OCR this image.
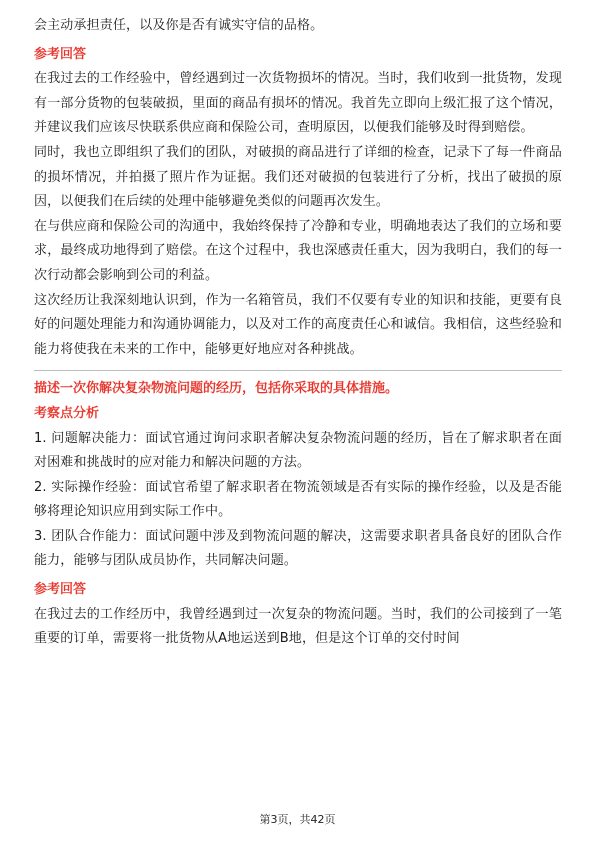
会主动承担责任，以及你是否有诚实守信的品格。

参考回答

在我过去的工作经验中，曾经遇到过一次货物损坏的情况。当时，我们收到一批货物，发现有一部分货物的包装破损，里面的商品有损坏的情况。我首先立即向上级汇报了这个情况，并建议我们应该尽快联系供应商和保险公司，查明原因，以便我们能够及时得到赔偿。

同时，我也立即组织了我们的团队，对破损的商品进行了详细的检查，记录下了每一件商品的损坏情况，并拍摄了照片作为证据。我们还对破损的包装进行了分析，找出了破损的原因，以便我们在后续的处理中能够避免类似的问题再次发生。

在与供应商和保险公司的沟通中，我始终保持了冷静和专业，明确地表达了我们的立场和要求，最终成功地得到了赔偿。在这个过程中，我也深感责任重大，因为我明白，我们的每一次行动都会影响到公司的利益。

这次经历让我深刻地认识到，作为一名箱管员，我们不仅要有专业的知识和技能，更要有良好的问题处理能力和沟通协调能力，以及对工作的高度责任心和诚信。我相信，这些经验和能力将使我在未来的工作中，能够更好地应对各种挑战。

描述一次你解决复杂物流问题的经历，包括你采取的具体措施。

考察点分析

1. 问题解决能力：面试官通过询问求职者解决复杂物流问题的经历，旨在了解求职者在面对困难和挑战时的应对能力和解决问题的方法。

2. 实际操作经验：面试官希望了解求职者在物流领域是否有实际的操作经验，以及是否能够将理论知识应用到实际工作中。

3. 团队合作能力：面试问题中涉及到物流问题的解决，这需要求职者具备良好的团队合作能力，能够与团队成员协作，共同解决问题。

参考回答

在我过去的工作经历中，我曾经遇到过一次复杂的物流问题。当时，我们的公司接到了一笔重要的订单，需要将一批货物从A地运送到B地，但是这个订单的交付时间

第3页，共42页
